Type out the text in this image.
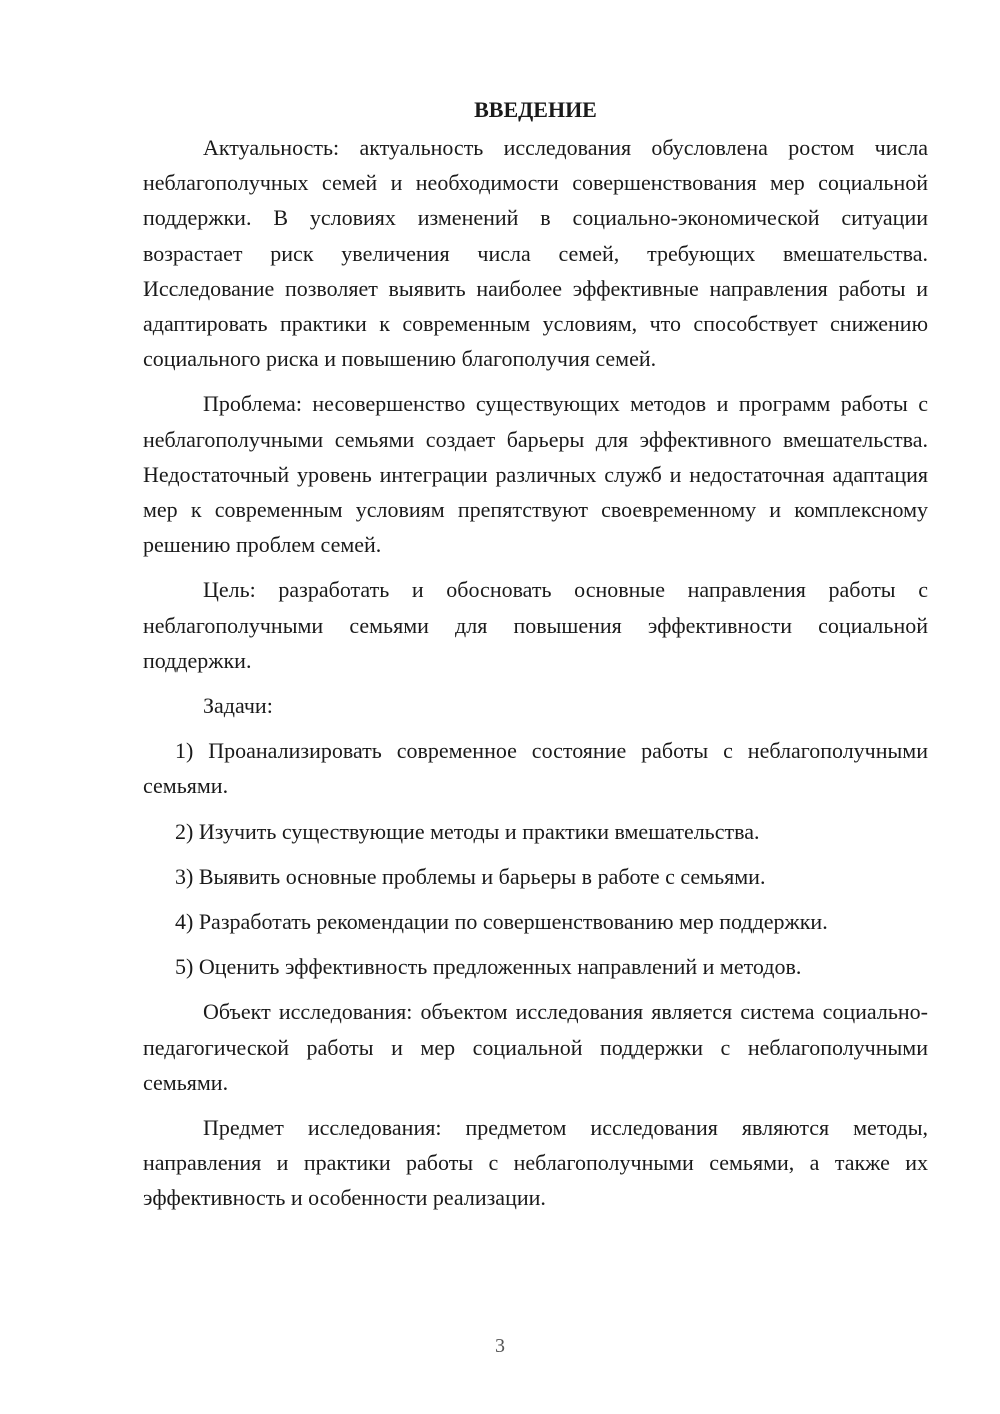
ВВЕДЕНИЕ

Актуальность: актуальность исследования обусловлена ростом числа неблагополучных семей и необходимости совершенствования мер социальной поддержки. В условиях изменений в социально-экономической ситуации возрастает риск увеличения числа семей, требующих вмешательства. Исследование позволяет выявить наиболее эффективные направления работы и адаптировать практики к современным условиям, что способствует снижению социального риска и повышению благополучия семей.

Проблема: несовершенство существующих методов и программ работы с неблагополучными семьями создает барьеры для эффективного вмешательства. Недостаточный уровень интеграции различных служб и недостаточная адаптация мер к современным условиям препятствуют своевременному и комплексному решению проблем семей.

Цель: разработать и обосновать основные направления работы с неблагополучными семьями для повышения эффективности социальной поддержки.

Задачи:

1) Проанализировать современное состояние работы с неблагополучными семьями.

2) Изучить существующие методы и практики вмешательства.

3) Выявить основные проблемы и барьеры в работе с семьями.

4) Разработать рекомендации по совершенствованию мер поддержки.

5) Оценить эффективность предложенных направлений и методов.

Объект исследования: объектом исследования является система социально-педагогической работы и мер социальной поддержки с неблагополучными семьями.

Предмет исследования: предметом исследования являются методы, направления и практики работы с неблагополучными семьями, а также их эффективность и особенности реализации.

3
